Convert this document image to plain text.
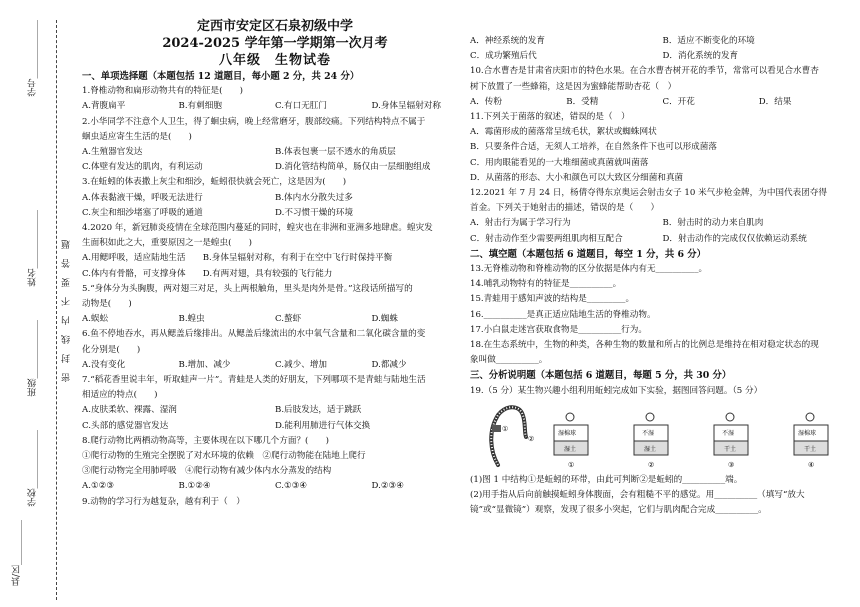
学号_____________
姓名_____________
班级_____________
学校_____________
县/区__________
密封线内不要答题
定西市安定区石泉初级中学
2024-2025 学年第一学期第一次月考
八年级　生物试卷
一、单项选择题（本题包括 12 道题目，每小题 2 分，共 24 分）
1.脊椎动物和扁形动物共有的特征是(　　)
A.背腹扁平	B.有刺细胞	C.有口无肛门	D.身体呈辐射对称
2.小华同学不注意个人卫生，得了蛔虫病，晚上经常磨牙，腹部绞痛。下列结构特点不属于
蛔虫适应寄生生活的是(　　)
A.生殖器官发达	B.体表包裹一层不透水的角质层
C.体壁有发达的肌肉，有利运动	D.消化管结构简单，肠仅由一层细胞组成
3.在蚯蚓的体表撒上灰尘和细沙，蚯蚓很快就会死亡，这是因为(　　)
A.体表黏液干燥，呼吸无法进行	B.体内水分散失过多
C.灰尘和细沙堵塞了呼吸的通道	D.不习惯干燥的环境
4.2020 年，新冠肺炎疫情在全球范围内蔓延的同时，蝗灾也在非洲和亚洲多地肆虐。蝗灾发
生面积如此之大，重要原因之一是蝗虫(　　)
A.用鳃呼吸，适应陆地生活　　 B.身体呈辐射对称，有利于在空中飞行时保持平衡
C.体内有骨骼，可支撑身体　　 D.有两对翅，具有较强的飞行能力
5.“身体分为头胸腹，两对翅三对足，头上两根触角，里头是肉外是骨。”这段话所描写的
动物是(　　)
A.蜈蚣	B.蝗虫	C.螯虾	D.蜘蛛
6.鱼不停地吞水，再从鳃盖后缘排出。从鳃盖后缘流出的水中氧气含量和二氧化碳含量的变
化分别是(　　)
A.没有变化	B.增加、减少	C.减少、增加	D.都减少
7.“稻花香里说丰年，听取蛙声一片”。青蛙是人类的好朋友，下列哪项不是青蛙与陆地生活
相适应的特点(　　)
A.皮肤柔软、裸露、湿润	B.后肢发达，适于跳跃
C.头部的感觉器官发达	D.能利用肺进行气体交换
8.爬行动物比两栖动物高等，主要体现在以下哪几个方面？(　　)
①爬行动物的生殖完全摆脱了对水环境的依赖　②爬行动物能在陆地上爬行
③爬行动物完全用肺呼吸　④爬行动物有减少体内水分蒸发的结构
A.①②③	B.①②④	C.①③④	D.②③④
9.动物的学习行为越复杂，越有利于（　）
A．神经系统的发育	B．适应不断变化的环境
C．成功繁殖后代	D．消化系统的发育
10.合水曹杏是甘肃省庆阳市的特色水果。在合水曹杏树开花的季节，常常可以看见合水曹杏
树下放置了一些蜂箱，这是因为蜜蜂能帮助杏花（　）
A．传粉	B．受精	C．开花	D．结果
11.下列关于菌落的叙述，错误的是（　）
A．霉菌形成的菌落常呈绒毛状，絮状或蜘蛛网状
B．只要条件合适，无须人工培养，在自然条件下也可以形成菌落
C．用肉眼能看见的一大堆细菌或真菌就叫菌落
D．从菌落的形态、大小和颜色可以大致区分细菌和真菌
12.2021 年 7 月 24 日，杨倩夺得东京奥运会射击女子 10 米气步枪金牌，为中国代表团夺得
首金。下列关于她射击的描述，错误的是（　　）
A．射击行为属于学习行为	B．射击时的动力来自肌肉
C．射击动作至少需要两组肌肉相互配合	D．射击动作的完成仅仅依赖运动系统
二、填空题（本题包括 6 道题目，每空 1 分，共 6 分）
13.无脊椎动物和脊椎动物的区分依据是体内有无__________。
14.哺乳动物特有的特征是__________。
15.青蛙用于感知声波的结构是_________。
16.__________是真正适应陆地生活的脊椎动物。
17.小白鼠走迷宫获取食物是__________行为。
18.在生态系统中，生物的种类，各种生物的数量和所占的比例总是维持在相对稳定状态的现
象叫做__________。
三、分析说明题（本题包括 6 道题目，每题 5 分，共 30 分）
19.（5 分）某生物兴趣小组利用蚯蚓完成如下实验，据图回答问题。（5 分）
①
②
湿棉球
湿土
①
不湿
湿土
②
不湿
干土
③
湿棉球
干土
④
(1)图 1 中结构①是蚯蚓的环带，由此可判断②是蚯蚓的__________端。
(2)用手指从后向前触摸蚯蚓身体腹面，会有粗糙不平的感觉。用__________（填写“放大
镜”或“显微镜”）观察，发现了很多小突起，它们与肌肉配合完成__________。
